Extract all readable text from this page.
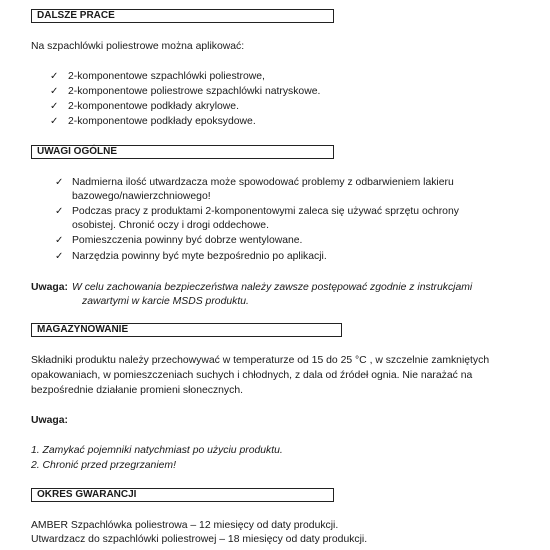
DALSZE PRACE
Na szpachlówki poliestrowe można aplikować:
✓ 2-komponentowe szpachlówki poliestrowe,
✓ 2-komponentowe poliestrowe szpachlówki natryskowe.
✓ 2-komponentowe podkłady akrylowe.
✓ 2-komponentowe podkłady epoksydowe.
UWAGI OGÓLNE
✓ Nadmierna ilość utwardzacza może spowodować problemy z odbarwieniem lakieru
bazowego/nawierzchniowego!
✓ Podczas pracy z produktami 2-komponentowymi zaleca się używać sprzętu ochrony
osobistej. Chronić oczy i drogi oddechowe.
✓ Pomieszczenia powinny być dobrze wentylowane.
✓ Narzędzia powinny być myte bezpośrednio po aplikacji.
Uwaga: W celu zachowania bezpieczeństwa należy zawsze postępować zgodnie z instrukcjami
zawartymi w karcie MSDS produktu.
MAGAZYNOWANIE
Składniki produktu należy przechowywać w temperaturze od 15 do 25 °C , w szczelnie zamkniętych
opakowaniach, w pomieszczeniach suchych i chłodnych, z dala od źródeł ognia. Nie narażać na
bezpośrednie działanie promieni słonecznych.
Uwaga:
1. Zamykać pojemniki natychmiast po użyciu produktu.
2. Chronić przed przegrzaniem!
OKRES GWARANCJI
AMBER Szpachlówka poliestrowa – 12 miesięcy od daty produkcji.
Utwardzacz do szpachlówki poliestrowej – 18 miesięcy od daty produkcji.
